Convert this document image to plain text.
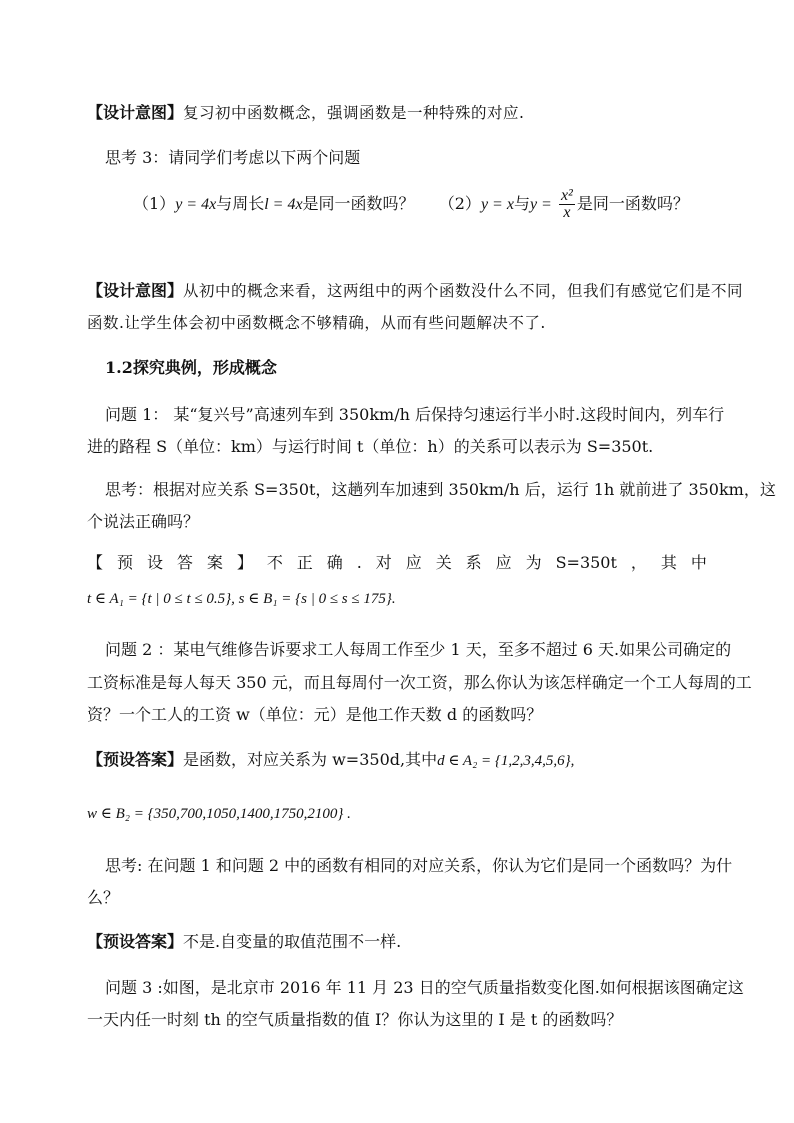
【设计意图】复习初中函数概念，强调函数是一种特殊的对应.
思考 3：请同学们考虑以下两个问题
（1）y = 4x与周长l = 4x是同一函数吗？ （2）y = x与$y = \frac{\text{x²}}{x}$ 是同一函数吗？
【设计意图】从初中的概念来看，这两组中的两个函数没什么不同，但我们有感觉它们是不同
函数.让学生体会初中函数概念不够精确，从而有些问题解决不了.
1.2探究典例，形成概念
问题 1： 某“复兴号”高速列车到 350km/h 后保持匀速运行半小时.这段时间内，列车行
进的路程 S（单位：km）与运行时间 t（单位：h）的关系可以表示为 S=350t.
思考：根据对应关系 S=350t，这趟列车加速到 350km/h 后，运行 1h 就前进了 350km，这
个说法正确吗？
【 预 设 答 案 】 不 正 确 . 对 应 关 系 应 为 S=350t ， 其 中
t ∈ A₁ = {t | 0 ≤ t ≤ 0.5}, s ∈ B₁ = {s | 0 ≤ s ≤ 175}.
问题 2 ：某电气维修告诉要求工人每周工作至少 1 天，至多不超过 6 天.如果公司确定的
工资标准是每人每天 350 元，而且每周付一次工资，那么你认为该怎样确定一个工人每周的工
资？一个工人的工资 w（单位：元）是他工作天数 d 的函数吗？
【预设答案】是函数，对应关系为 w=350d,其中d ∈ A₂ = {1,2,3,4,5,6},
w ∈ B₂ = {350,700,1050,1400,1750,2100} .
思考: 在问题 1 和问题 2 中的函数有相同的对应关系，你认为它们是同一个函数吗？为什
么？
【预设答案】不是.自变量的取值范围不一样.
问题 3 :如图，是北京市 2016 年 11 月 23 日的空气质量指数变化图.如何根据该图确定这
一天内任一时刻 th 的空气质量指数的值 I？你认为这里的 I 是 t 的函数吗？
